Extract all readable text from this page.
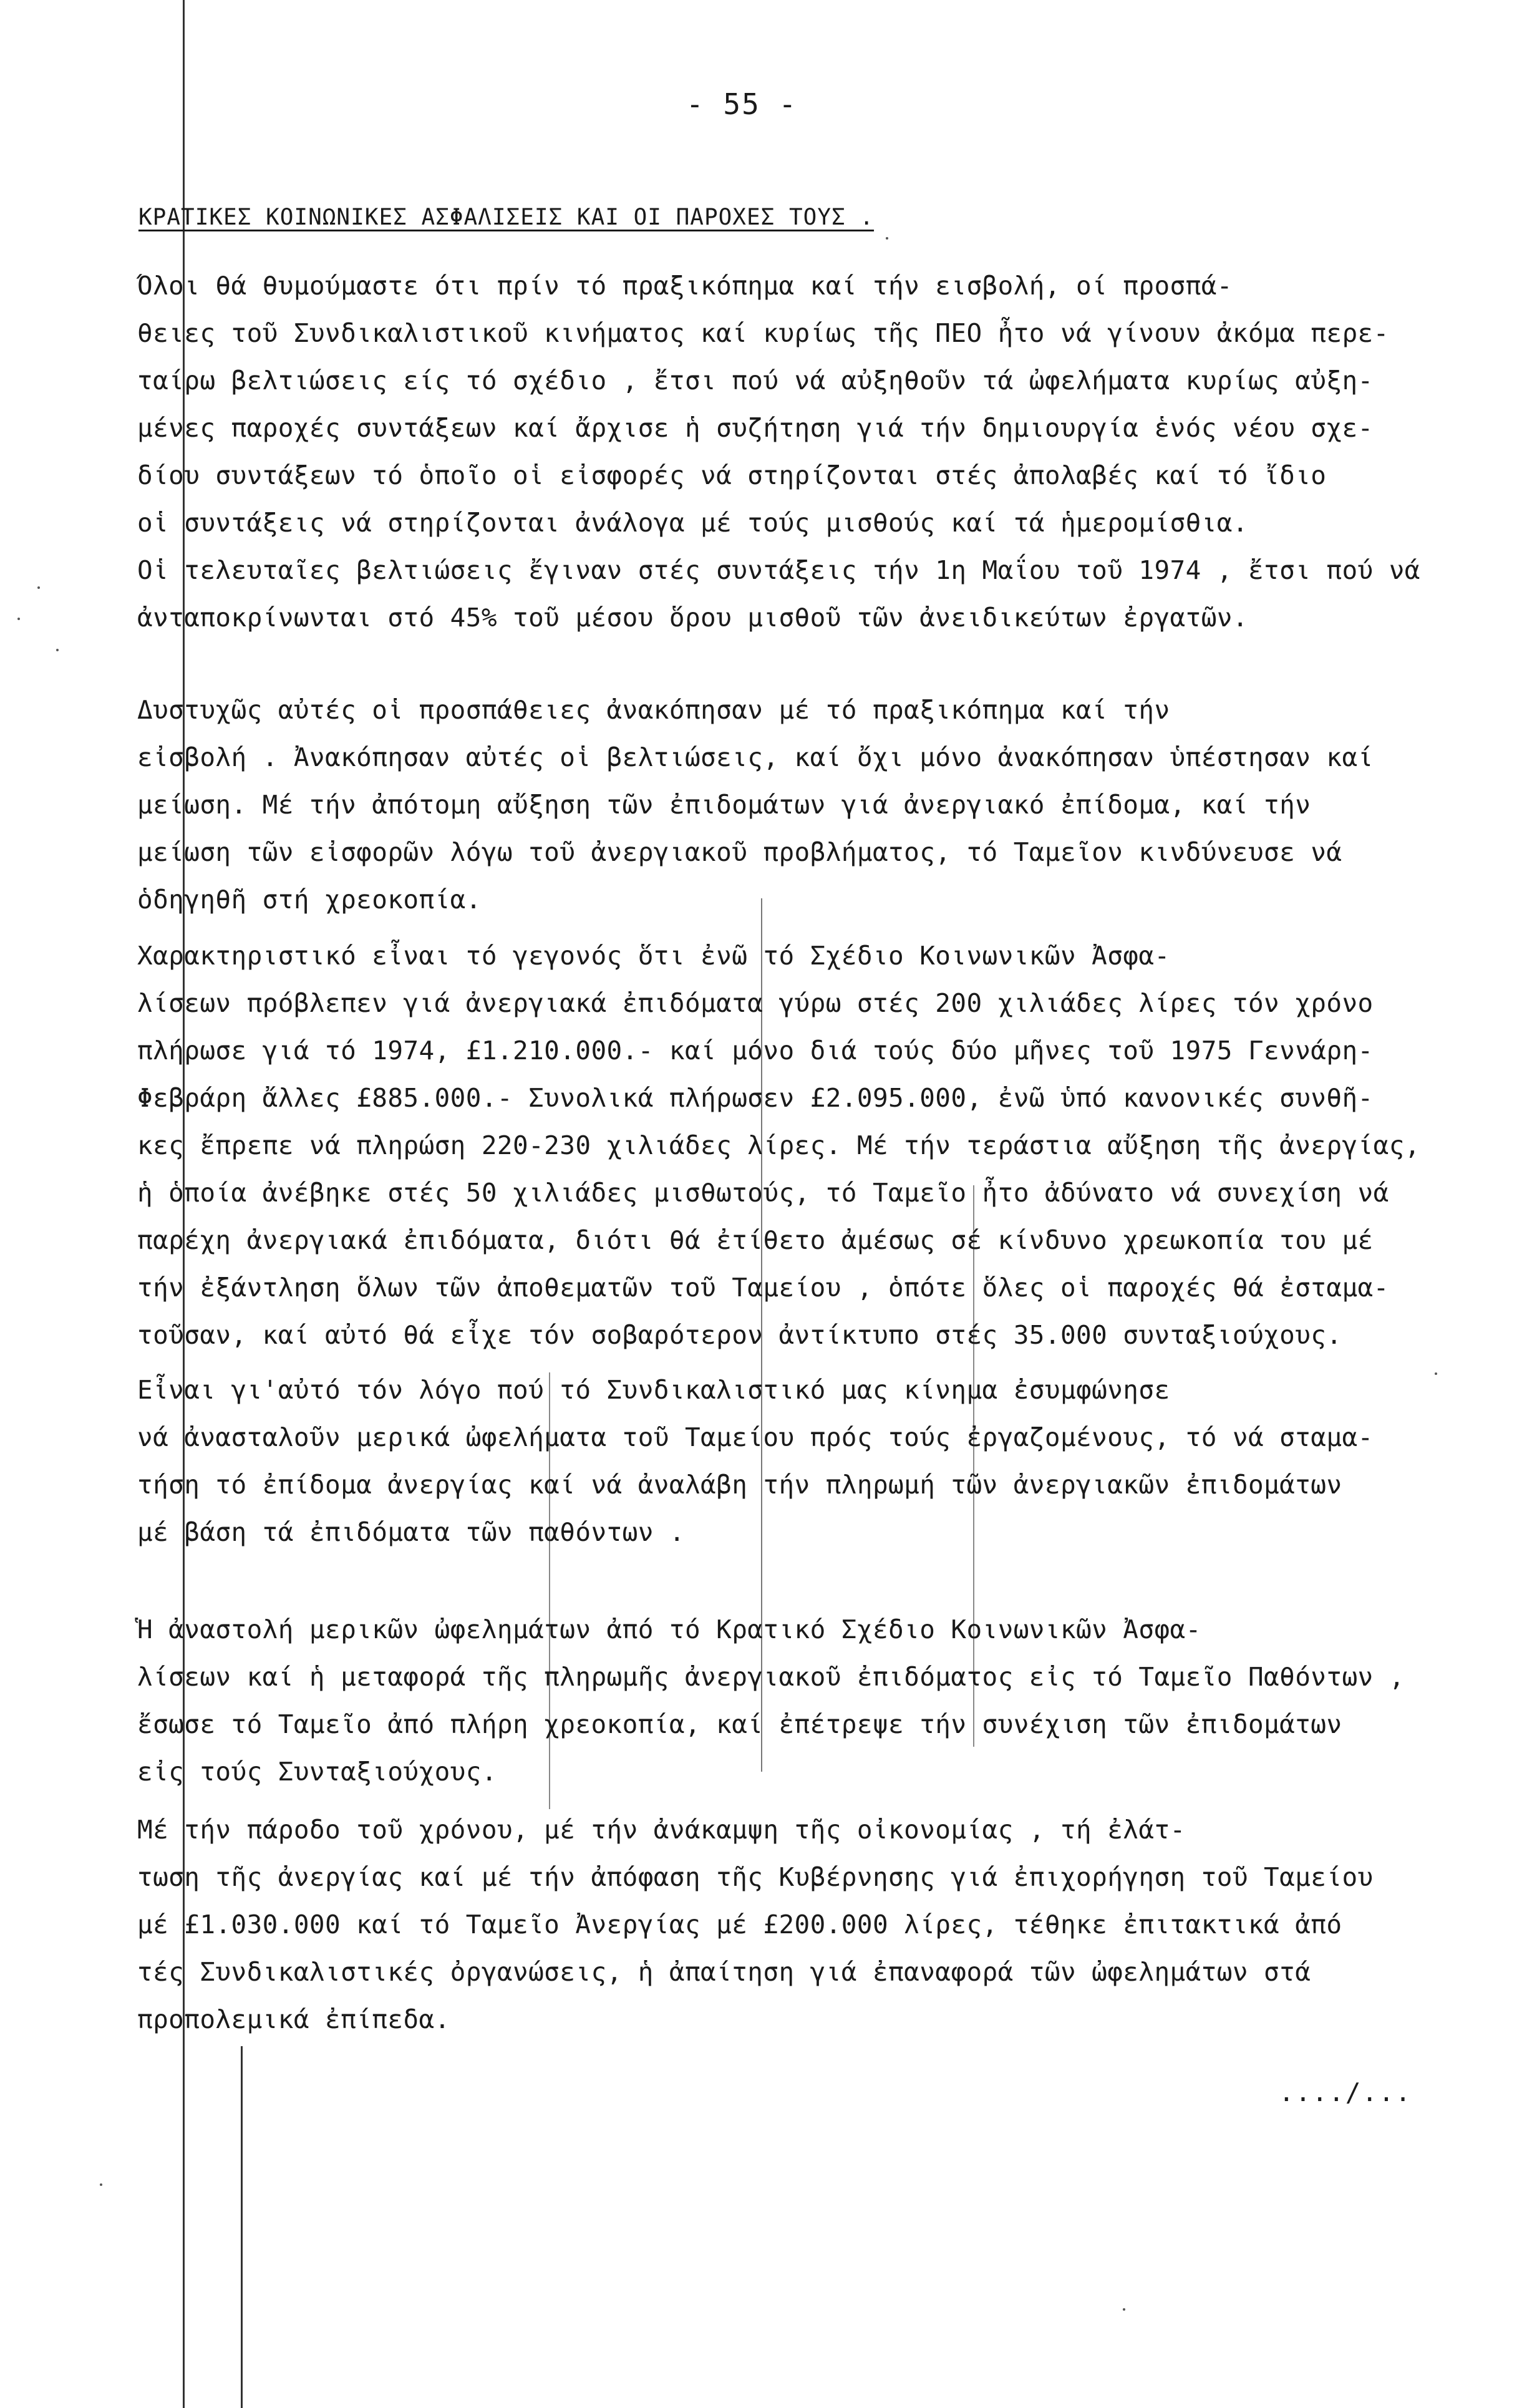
- 55 -
ΚΡΑΤΙΚΕΣ ΚΟΙΝΩΝΙΚΕΣ ΑΣΦΑΛΙΣΕΙΣ ΚΑΙ ΟΙ ΠΑΡΟΧΕΣ ΤΟΥΣ .
Όλοι θά θυμούμαστε ότι πρίν τό πραξικόπημα καί τήν εισβολή, οί προσπά-
θειες τοῦ Συνδικαλιστικοῦ κινήματος καί κυρίως τῆς ΠΕΟ ἦτο νά γίνουν ἀκόμα περε-
ταίρω βελτιώσεις είς τό σχέδιο , ἔτσι πού νά αὐξηθοῦν τά ὠφελήματα κυρίως αὐξη-
μένες παροχές συντάξεων καί ἄρχισε ἡ συζήτηση γιά τήν δημιουργία ἑνός νέου σχε-
δίου συντάξεων τό ὁποῖο οἱ εἰσφορές νά στηρίζονται στές ἀπολαβές καί τό ἴδιο
οἱ συντάξεις νά στηρίζονται ἀνάλογα μέ τούς μισθούς καί τά ἡμερομίσθια.
Οἱ τελευταῖες βελτιώσεις ἔγιναν στές συντάξεις τήν 1η Μαΐου τοῦ 1974 , ἔτσι πού νά
ἀνταποκρίνωνται στό 45% τοῦ μέσου ὅρου μισθοῦ τῶν ἀνειδικεύτων ἐργατῶν.
Δυστυχῶς αὐτές οἱ προσπάθειες ἀνακόπησαν μέ τό πραξικόπημα καί τήν
εἰσβολή . Ἀνακόπησαν αὐτές οἱ βελτιώσεις, καί ὄχι μόνο ἀνακόπησαν ὑπέστησαν καί
μείωση. Μέ τήν ἀπότομη αὔξηση τῶν ἐπιδομάτων γιά ἀνεργιακό ἐπίδομα, καί τήν
μείωση τῶν εἰσφορῶν λόγω τοῦ ἀνεργιακοῦ προβλήματος, τό Ταμεῖον κινδύνευσε νά
ὁδηγηθῆ στή χρεοκοπία.
Χαρακτηριστικό εἶναι τό γεγονός ὅτι ἐνῶ τό Σχέδιο Κοινωνικῶν Ἀσφα-
λίσεων πρόβλεπεν γιά ἀνεργιακά ἐπιδόματα γύρω στές 200 χιλιάδες λίρες τόν χρόνο
πλήρωσε γιά τό 1974, £1.210.000.- καί μόνο διά τούς δύο μῆνες τοῦ 1975 Γεννάρη-
Φεβράρη ἄλλες £885.000.- Συνολικά πλήρωσεν £2.095.000, ἐνῶ ὑπό κανονικές συνθῆ-
κες ἔπρεπε νά πληρώση 220-230 χιλιάδες λίρες. Μέ τήν τεράστια αὔξηση τῆς ἀνεργίας,
ἡ ὁποία ἀνέβηκε στές 50 χιλιάδες μισθωτούς, τό Ταμεῖο ἦτο ἀδύνατο νά συνεχίση νά
παρέχη ἀνεργιακά ἐπιδόματα, διότι θά ἐτίθετο ἀμέσως σέ κίνδυνο χρεωκοπία του μέ
τήν ἐξάντληση ὅλων τῶν ἀποθεματῶν τοῦ Ταμείου , ὁπότε ὅλες οἱ παροχές θά ἐσταμα-
τοῦσαν, καί αὐτό θά εἶχε τόν σοβαρότερον ἀντίκτυπο στές 35.000 συνταξιούχους.
Εἶναι γι'αὐτό τόν λόγο πού τό Συνδικαλιστικό μας κίνημα ἐσυμφώνησε
νά ἀνασταλοῦν μερικά ὠφελήματα τοῦ Ταμείου πρός τούς ἐργαζομένους, τό νά σταμα-
τήση τό ἐπίδομα ἀνεργίας καί νά ἀναλάβη τήν πληρωμή τῶν ἀνεργιακῶν ἐπιδομάτων
μέ βάση τά ἐπιδόματα τῶν παθόντων .
Ἡ ἀναστολή μερικῶν ὠφελημάτων ἀπό τό Κρατικό Σχέδιο Κοινωνικῶν Ἀσφα-
λίσεων καί ἡ μεταφορά τῆς πληρωμῆς ἀνεργιακοῦ ἐπιδόματος εἰς τό Ταμεῖο Παθόντων ,
ἔσωσε τό Ταμεῖο ἀπό πλήρη χρεοκοπία, καί ἐπέτρεψε τήν συνέχιση τῶν ἐπιδομάτων
εἰς τούς Συνταξιούχους.
Μέ τήν πάροδο τοῦ χρόνου, μέ τήν ἀνάκαμψη τῆς οἰκονομίας , τή ἐλάτ-
τωση τῆς ἀνεργίας καί μέ τήν ἀπόφαση τῆς Κυβέρνησης γιά ἐπιχορήγηση τοῦ Ταμείου
μέ £1.030.000 καί τό Ταμεῖο Ἀνεργίας μέ £200.000 λίρες, τέθηκε ἐπιτακτικά ἀπό
τές Συνδικαλιστικές ὀργανώσεις, ἡ ἀπαίτηση γιά ἐπαναφορά τῶν ὠφελημάτων στά
προπολεμικά ἐπίπεδα.
..../...
